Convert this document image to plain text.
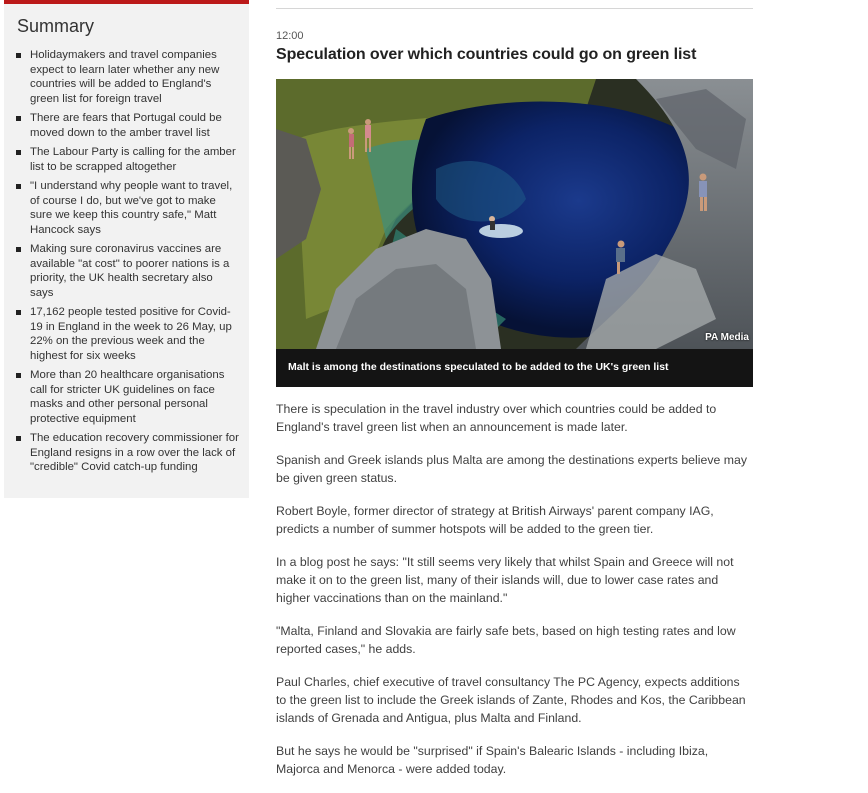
Summary
Holidaymakers and travel companies expect to learn later whether any new countries will be added to England's green list for foreign travel
There are fears that Portugal could be moved down to the amber travel list
The Labour Party is calling for the amber list to be scrapped altogether
"I understand why people want to travel, of course I do, but we've got to make sure we keep this country safe," Matt Hancock says
Making sure coronavirus vaccines are available "at cost" to poorer nations is a priority, the UK health secretary also says
17,162 people tested positive for Covid-19 in England in the week to 26 May, up 22% on the previous week and the highest for six weeks
More than 20 healthcare organisations call for stricter UK guidelines on face masks and other personal personal protective equipment
The education recovery commissioner for England resigns in a row over the lack of "credible" Covid catch-up funding
12:00
Speculation over which countries could go on green list
PA Media
Malt is among the destinations speculated to be added to the UK's green list

There is speculation in the travel industry over which countries could be added to England's travel green list when an announcement is made later.

Spanish and Greek islands plus Malta are among the destinations experts believe may be given green status.

Robert Boyle, former director of strategy at British Airways' parent company IAG, predicts a number of summer hotspots will be added to the green tier.

In a blog post he says: "It still seems very likely that whilst Spain and Greece will not make it on to the green list, many of their islands will, due to lower case rates and higher vaccinations than on the mainland."

"Malta, Finland and Slovakia are fairly safe bets, based on high testing rates and low reported cases," he adds.

Paul Charles, chief executive of travel consultancy The PC Agency, expects additions to the green list to include the Greek islands of Zante, Rhodes and Kos, the Caribbean islands of Grenada and Antigua, plus Malta and Finland.

But he says he would be "surprised" if Spain's Balearic Islands - including Ibiza, Majorca and Menorca - were added today.
